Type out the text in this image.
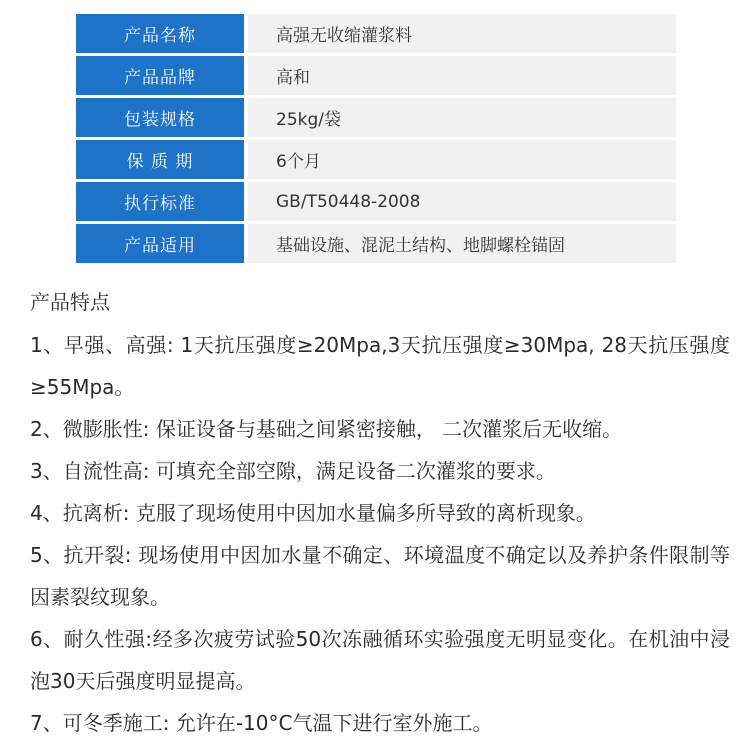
产品名称	高强无收缩灌浆料
产品品牌	高和
包装规格	25kg/袋
保 质 期	6个月
执行标准	GB/T50448-2008
产品适用	基础设施、混泥土结构、地脚螺栓锚固
产品特点
1、早强、高强: 1天抗压强度≥20Mpa,3天抗压强度≥30Mpa, 28天抗压强度≥55Mpa。
2、微膨胀性: 保证设备与基础之间紧密接触， 二次灌浆后无收缩。
3、自流性高: 可填充全部空隙，满足设备二次灌浆的要求。
4、抗离析: 克服了现场使用中因加水量偏多所导致的离析现象。
5、抗开裂: 现场使用中因加水量不确定、环境温度不确定以及养护条件限制等因素裂纹现象。
6、耐久性强:经多次疲劳试验50次冻融循环实验强度无明显变化。在机油中浸泡30天后强度明显提高。
7、可冬季施工: 允许在-10°C气温下进行室外施工。
